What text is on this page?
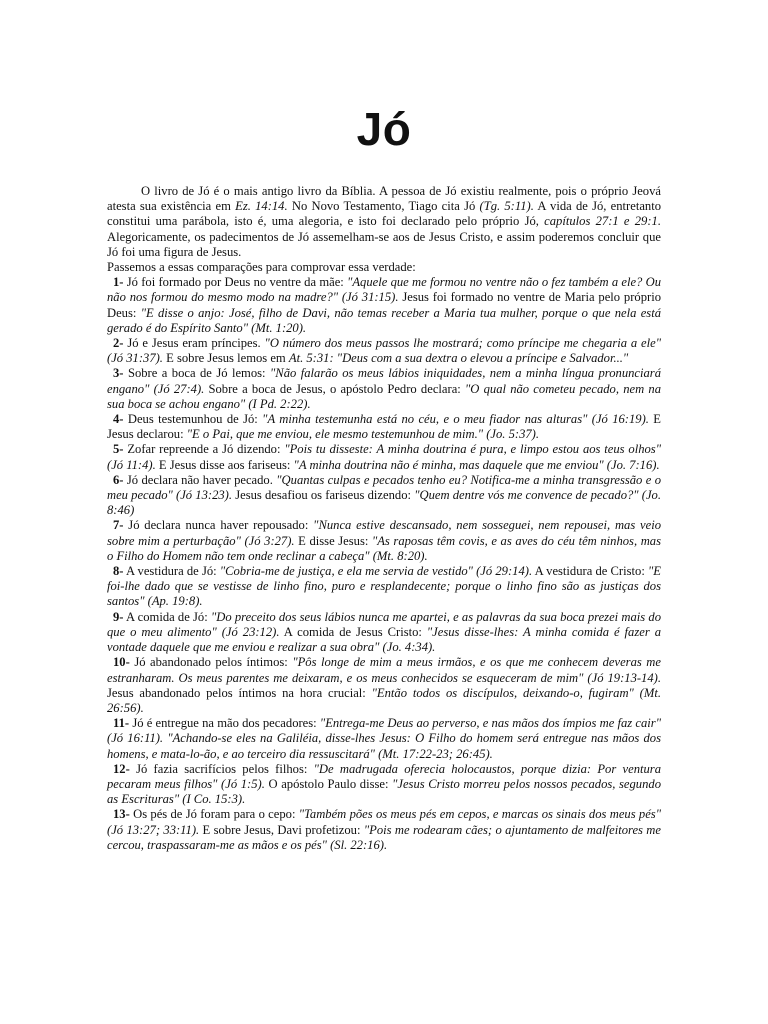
Jó

O livro de Jó é o mais antigo livro da Bíblia. A pessoa de Jó existiu realmente, pois o próprio Jeová atesta sua existência em Ez. 14:14. No Novo Testamento, Tiago cita Jó (Tg. 5:11). A vida de Jó, entretanto constitui uma parábola, isto é, uma alegoria, e isto foi declarado pelo próprio Jó, capítulos 27:1 e 29:1. Alegoricamente, os padecimentos de Jó assemelham-se aos de Jesus Cristo, e assim poderemos concluir que Jó foi uma figura de Jesus.

Passemos a essas comparações para comprovar essa verdade:

1- Jó foi formado por Deus no ventre da mãe: "Aquele que me formou no ventre não o fez também a ele? Ou não nos formou do mesmo modo na madre?" (Jó 31:15). Jesus foi formado no ventre de Maria pelo próprio Deus: "E disse o anjo: José, filho de Davi, não temas receber a Maria tua mulher, porque o que nela está gerado é do Espírito Santo" (Mt. 1:20).

2- Jó e Jesus eram príncipes. "O número dos meus passos lhe mostrará; como príncipe me chegaria a ele" (Jó 31:37). E sobre Jesus lemos em At. 5:31: "Deus com a sua dextra o elevou a príncipe e Salvador..."

3- Sobre a boca de Jó lemos: "Não falarão os meus lábios iniquidades, nem a minha língua pronunciará engano" (Jó 27:4). Sobre a boca de Jesus, o apóstolo Pedro declara: "O qual não cometeu pecado, nem na sua boca se achou engano" (I Pd. 2:22).

4- Deus testemunhou de Jó: "A minha testemunha está no céu, e o meu fiador nas alturas" (Jó 16:19). E Jesus declarou: "E o Pai, que me enviou, ele mesmo testemunhou de mim." (Jo. 5:37).

5- Zofar repreende a Jó dizendo: "Pois tu disseste: A minha doutrina é pura, e limpo estou aos teus olhos" (Jó 11:4). E Jesus disse aos fariseus: "A minha doutrina não é minha, mas daquele que me enviou" (Jo. 7:16).

6- Jó declara não haver pecado. "Quantas culpas e pecados tenho eu? Notifica-me a minha transgressão e o meu pecado" (Jó 13:23). Jesus desafiou os fariseus dizendo: "Quem dentre vós me convence de pecado?" (Jo. 8:46)

7- Jó declara nunca haver repousado: "Nunca estive descansado, nem sosseguei, nem repousei, mas veio sobre mim a perturbação" (Jó 3:27). E disse Jesus: "As raposas têm covis, e as aves do céu têm ninhos, mas o Filho do Homem não tem onde reclinar a cabeça" (Mt. 8:20).

8- A vestidura de Jó: "Cobria-me de justiça, e ela me servia de vestido" (Jó 29:14). A vestidura de Cristo: "E foi-lhe dado que se vestisse de linho fino, puro e resplandecente; porque o linho fino são as justiças dos santos" (Ap. 19:8).

9- A comida de Jó: "Do preceito dos seus lábios nunca me apartei, e as palavras da sua boca prezei mais do que o meu alimento" (Jó 23:12). A comida de Jesus Cristo: "Jesus disse-lhes: A minha comida é fazer a vontade daquele que me enviou e realizar a sua obra" (Jo. 4:34).

10- Jó abandonado pelos íntimos: "Pôs longe de mim a meus irmãos, e os que me conhecem deveras me estranharam. Os meus parentes me deixaram, e os meus conhecidos se esqueceram de mim" (Jó 19:13-14). Jesus abandonado pelos íntimos na hora crucial: "Então todos os discípulos, deixando-o, fugiram" (Mt. 26:56).

11- Jó é entregue na mão dos pecadores: "Entrega-me Deus ao perverso, e nas mãos dos ímpios me faz cair" (Jó 16:11). "Achando-se eles na Galiléia, disse-lhes Jesus: O Filho do homem será entregue nas mãos dos homens, e mata-lo-ão, e ao terceiro dia ressuscitará" (Mt. 17:22-23; 26:45).

12- Jó fazia sacrifícios pelos filhos: "De madrugada oferecia holocaustos, porque dizia: Por ventura pecaram meus filhos" (Jó 1:5). O apóstolo Paulo disse: "Jesus Cristo morreu pelos nossos pecados, segundo as Escrituras" (I Co. 15:3).

13- Os pés de Jó foram para o cepo: "Também pões os meus pés em cepos, e marcas os sinais dos meus pés" (Jó 13:27; 33:11). E sobre Jesus, Davi profetizou: "Pois me rodearam cães; o ajuntamento de malfeitores me cercou, traspassaram-me as mãos e os pés" (Sl. 22:16).
